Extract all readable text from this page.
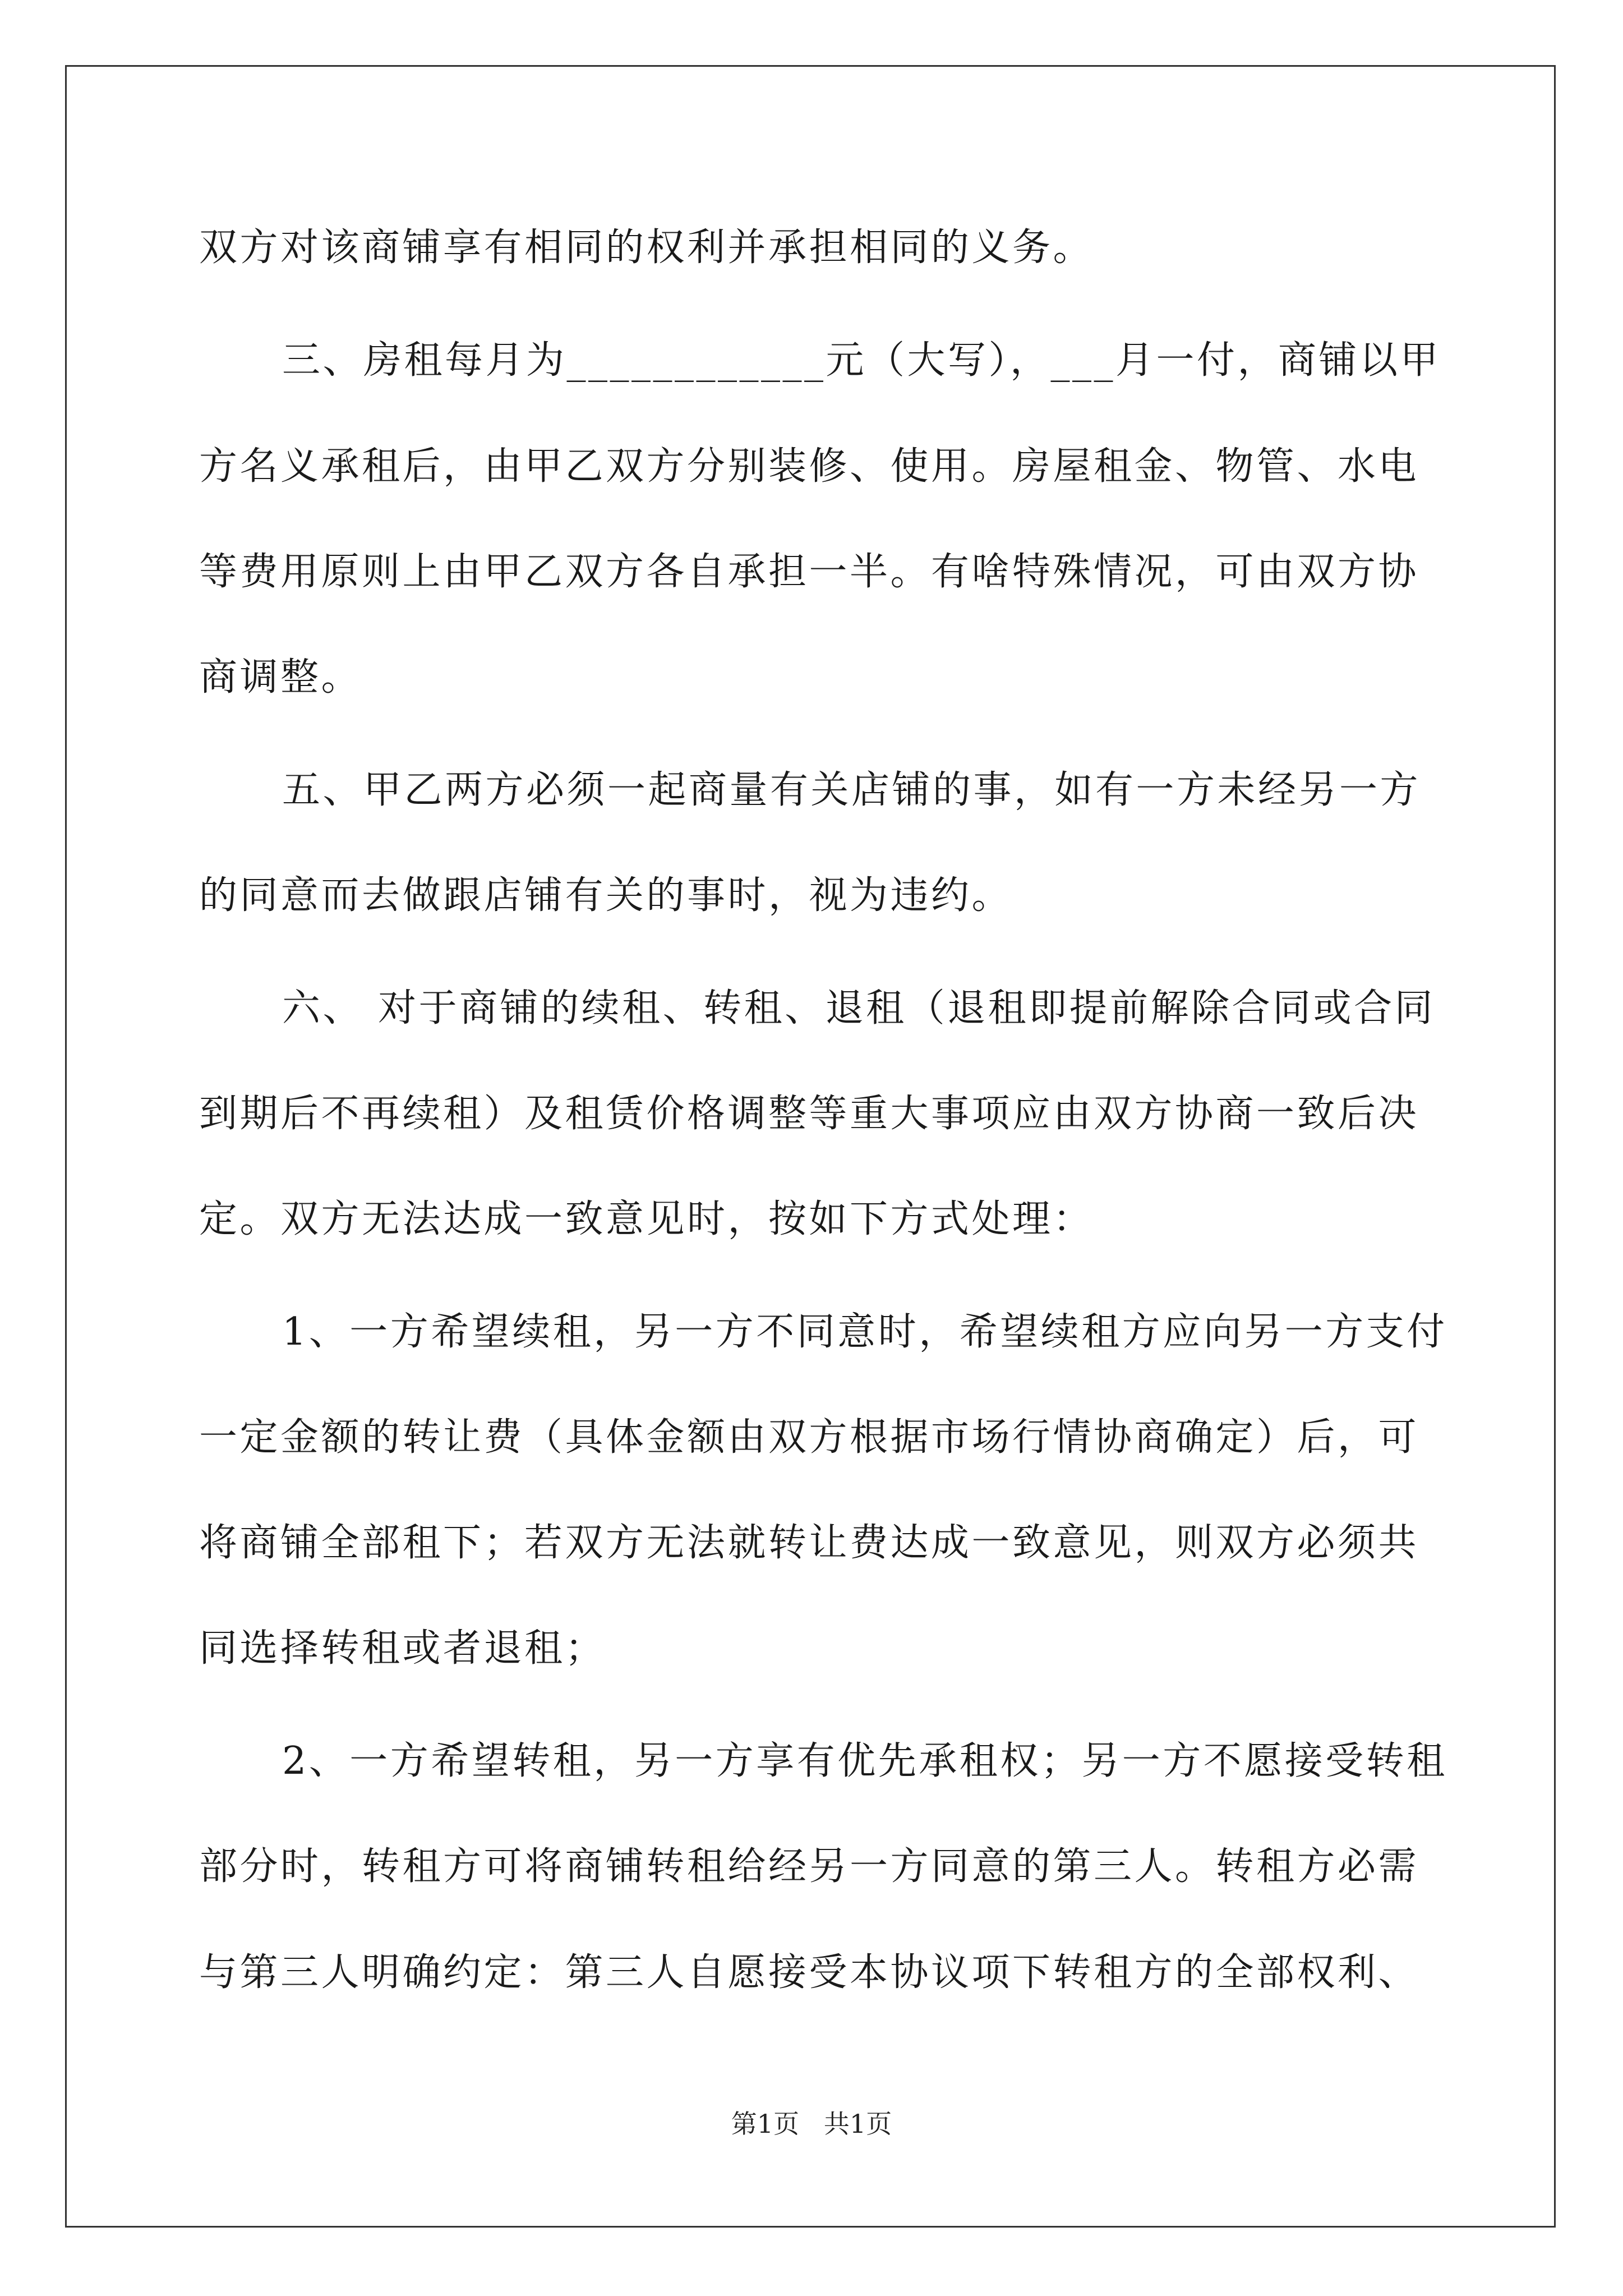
双方对该商铺享有相同的权利并承担相同的义务。

三、房租每月为____________元（大写），___月一付，商铺以甲

方名义承租后，由甲乙双方分别装修、使用。房屋租金、物管、水电

等费用原则上由甲乙双方各自承担一半。有啥特殊情况，可由双方协

商调整。

五、甲乙两方必须一起商量有关店铺的事，如有一方未经另一方

的同意而去做跟店铺有关的事时，视为违约。

六、 对于商铺的续租、转租、退租（退租即提前解除合同或合同

到期后不再续租）及租赁价格调整等重大事项应由双方协商一致后决

定。双方无法达成一致意见时，按如下方式处理：

1、一方希望续租，另一方不同意时，希望续租方应向另一方支付

一定金额的转让费（具体金额由双方根据市场行情协商确定）后，可

将商铺全部租下；若双方无法就转让费达成一致意见，则双方必须共

同选择转租或者退租；

2、一方希望转租，另一方享有优先承租权；另一方不愿接受转租

部分时，转租方可将商铺转租给经另一方同意的第三人。转租方必需

与第三人明确约定：第三人自愿接受本协议项下转租方的全部权利、

第1页   共1页
